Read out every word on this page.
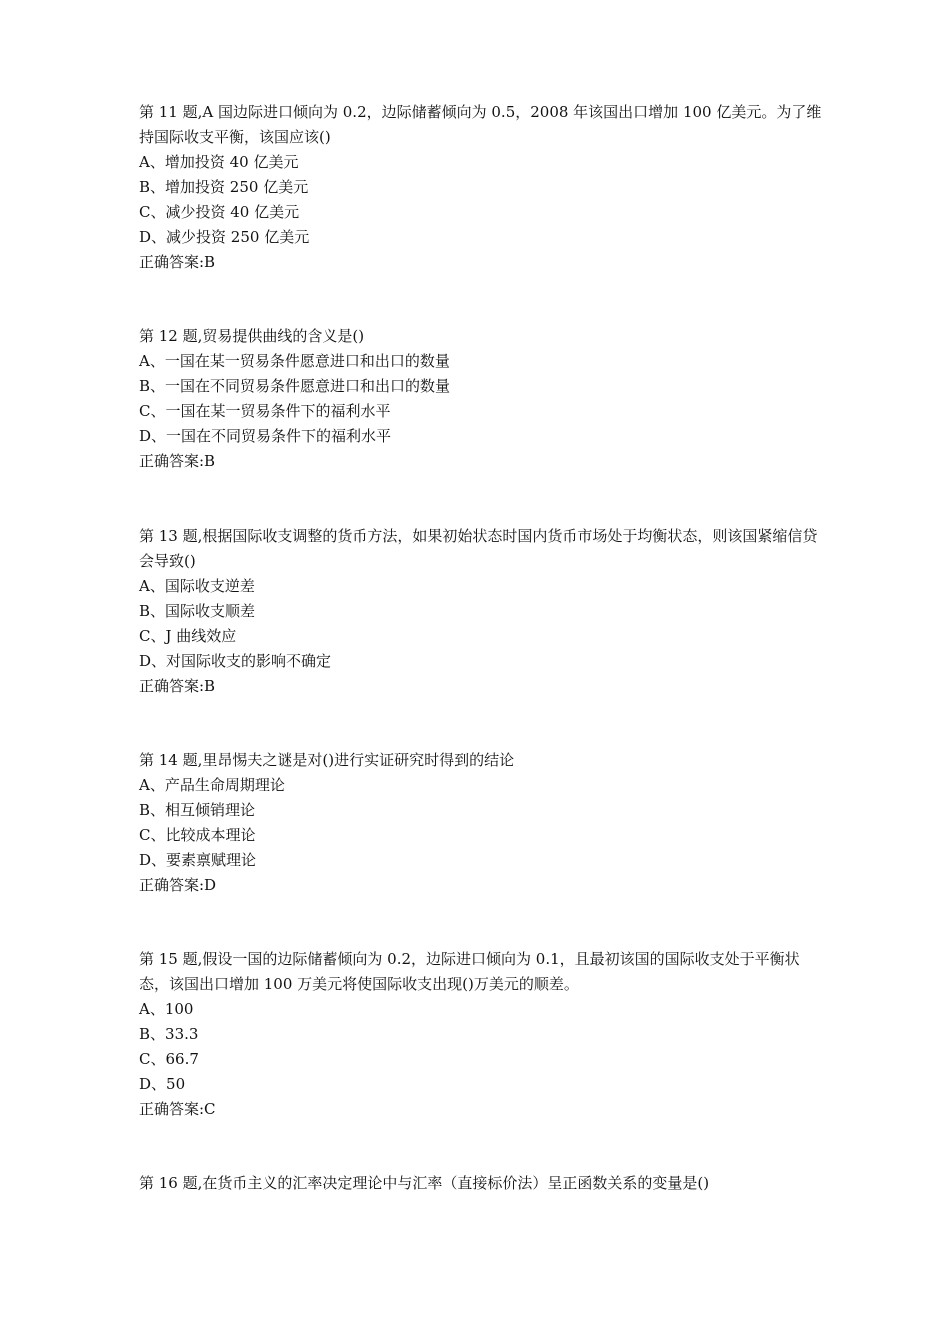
第 11 题,A 国边际进口倾向为 0.2，边际储蓄倾向为 0.5，2008 年该国出口增加 100 亿美元。为了维持国际收支平衡，该国应该()
A、增加投资 40 亿美元
B、增加投资 250 亿美元
C、减少投资 40 亿美元
D、减少投资 250 亿美元
正确答案:B
第 12 题,贸易提供曲线的含义是()
A、一国在某一贸易条件愿意进口和出口的数量
B、一国在不同贸易条件愿意进口和出口的数量
C、一国在某一贸易条件下的福利水平
D、一国在不同贸易条件下的福利水平
正确答案:B
第 13 题,根据国际收支调整的货币方法，如果初始状态时国内货币市场处于均衡状态，则该国紧缩信贷会导致()
A、国际收支逆差
B、国际收支顺差
C、J 曲线效应
D、对国际收支的影响不确定
正确答案:B
第 14 题,里昂惕夫之谜是对()进行实证研究时得到的结论
A、产品生命周期理论
B、相互倾销理论
C、比较成本理论
D、要素禀赋理论
正确答案:D
第 15 题,假设一国的边际储蓄倾向为 0.2，边际进口倾向为 0.1，且最初该国的国际收支处于平衡状态，该国出口增加 100 万美元将使国际收支出现()万美元的顺差。
A、100
B、33.3
C、66.7
D、50
正确答案:C
第 16 题,在货币主义的汇率决定理论中与汇率（直接标价法）呈正函数关系的变量是()
